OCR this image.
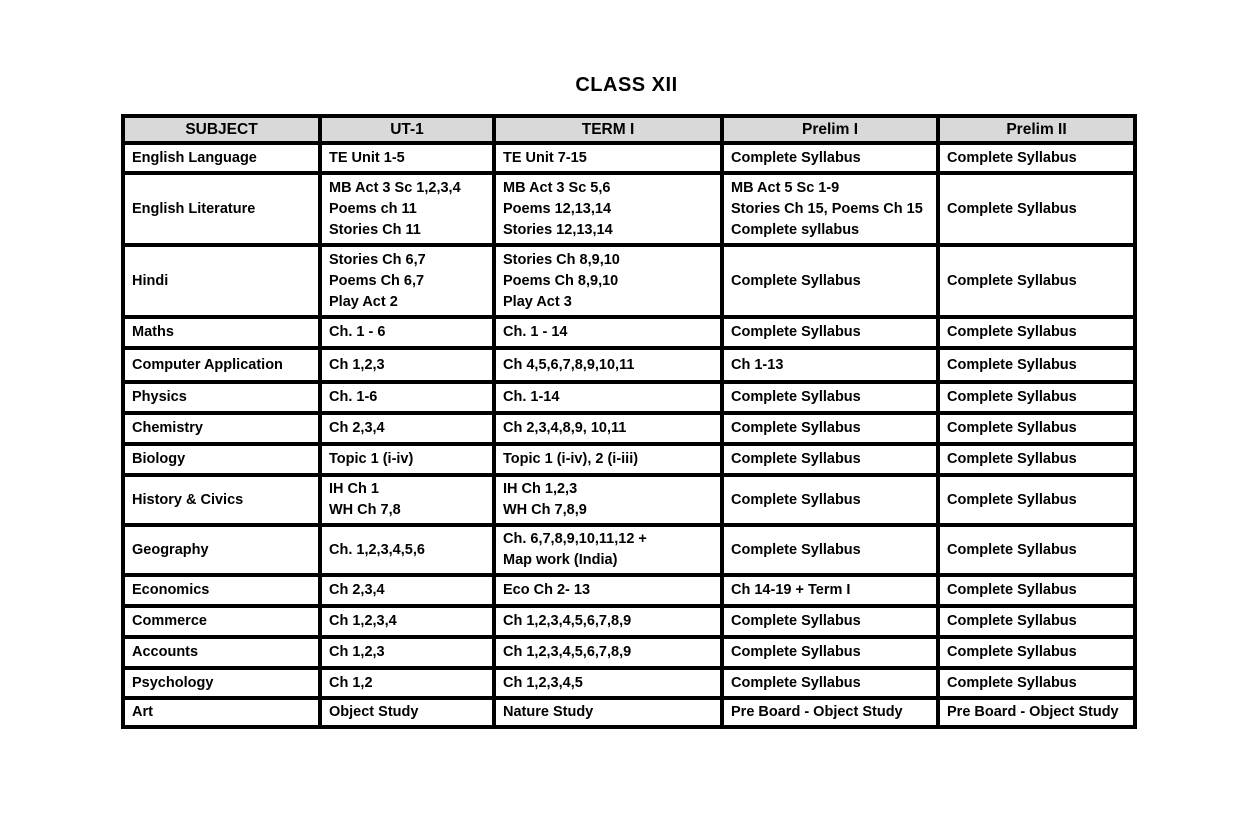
CLASS XII
SUBJECT	UT-1	TERM I	Prelim I	Prelim II
English Language	TE Unit 1-5	TE Unit 7-15	Complete Syllabus	Complete Syllabus

English Literature	MB Act 3 Sc 1,2,3,4
Poems ch 11
Stories Ch 11	MB Act 3 Sc 5,6
Poems 12,13,14
Stories 12,13,14	MB Act 5 Sc 1-9
Stories Ch 15, Poems Ch 15
Complete syllabus	Complete Syllabus

Hindi	Stories Ch 6,7
Poems Ch 6,7
Play Act 2	Stories Ch 8,9,10
Poems Ch 8,9,10
Play Act 3	Complete Syllabus	Complete Syllabus

Maths	Ch. 1 - 6	Ch. 1 - 14	Complete Syllabus	Complete Syllabus

Computer Application	Ch 1,2,3	Ch 4,5,6,7,8,9,10,11	Ch 1-13	Complete Syllabus

Physics	Ch. 1-6	Ch. 1-14	Complete Syllabus	Complete Syllabus

Chemistry	Ch 2,3,4	Ch 2,3,4,8,9, 10,11	Complete Syllabus	Complete Syllabus

Biology	Topic 1 (i-iv)	Topic 1 (i-iv), 2 (i-iii)	Complete Syllabus	Complete Syllabus

History & Civics	IH Ch 1
WH Ch 7,8	IH Ch 1,2,3
WH Ch 7,8,9	Complete Syllabus	Complete Syllabus

Geography	Ch. 1,2,3,4,5,6	Ch. 6,7,8,9,10,11,12 +
Map work (India)	Complete Syllabus	Complete Syllabus

Economics	Ch 2,3,4	Eco Ch 2- 13	Ch 14-19 + Term I	Complete Syllabus

Commerce	Ch 1,2,3,4	Ch 1,2,3,4,5,6,7,8,9	Complete Syllabus	Complete Syllabus

Accounts	Ch 1,2,3	Ch 1,2,3,4,5,6,7,8,9	Complete Syllabus	Complete Syllabus

Psychology	Ch 1,2	Ch 1,2,3,4,5	Complete Syllabus	Complete Syllabus

Art	Object Study	Nature Study	Pre Board - Object Study	Pre Board - Object Study
